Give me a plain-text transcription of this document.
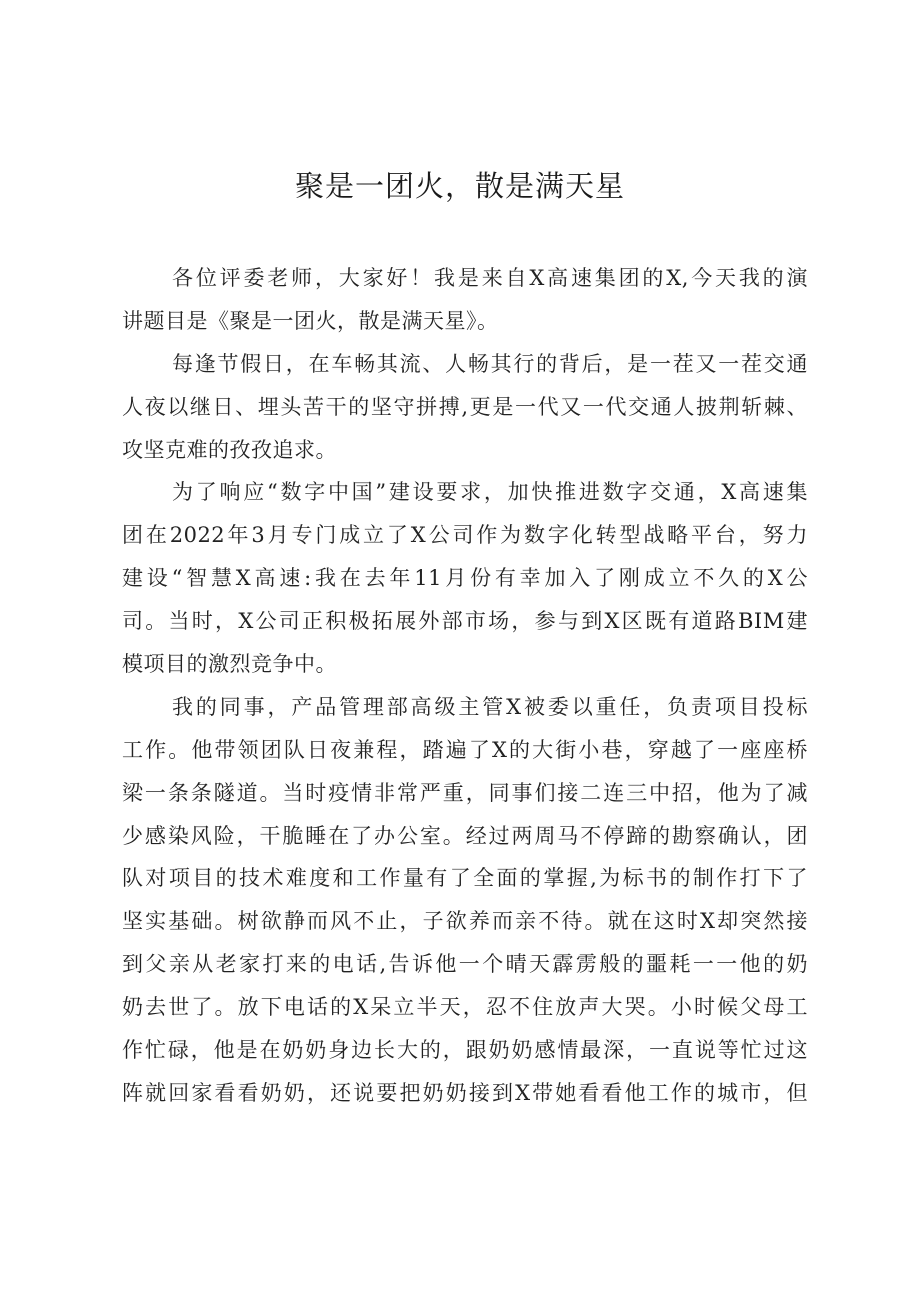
聚是一团火，散是满天星
各位评委老师，大家好！我是来自X高速集团的X,今天我的演
讲题目是《聚是一团火，散是满天星》。
每逢节假日，在车畅其流、人畅其行的背后，是一茬又一茬交通
人夜以继日、埋头苦干的坚守拼搏,更是一代又一代交通人披荆斩棘、
攻坚克难的孜孜追求。
为了响应“数字中国”建设要求，加快推进数字交通，X高速集
团在2022年3月专门成立了X公司作为数字化转型战略平台，努力
建设“智慧X高速:我在去年11月份有幸加入了刚成立不久的X公
司。当时，X公司正积极拓展外部市场，参与到X区既有道路BIM建
模项目的激烈竞争中。
我的同事，产品管理部高级主管X被委以重任，负责项目投标
工作。他带领团队日夜兼程，踏遍了X的大街小巷，穿越了一座座桥
梁一条条隧道。当时疫情非常严重，同事们接二连三中招，他为了减
少感染风险，干脆睡在了办公室。经过两周马不停蹄的勘察确认，团
队对项目的技术难度和工作量有了全面的掌握,为标书的制作打下了
坚实基础。树欲静而风不止，子欲养而亲不待。就在这时X却突然接
到父亲从老家打来的电话,告诉他一个晴天霹雳般的噩耗一一他的奶
奶去世了。放下电话的X呆立半天，忍不住放声大哭。小时候父母工
作忙碌，他是在奶奶身边长大的，跟奶奶感情最深，一直说等忙过这
阵就回家看看奶奶，还说要把奶奶接到X带她看看他工作的城市，但
